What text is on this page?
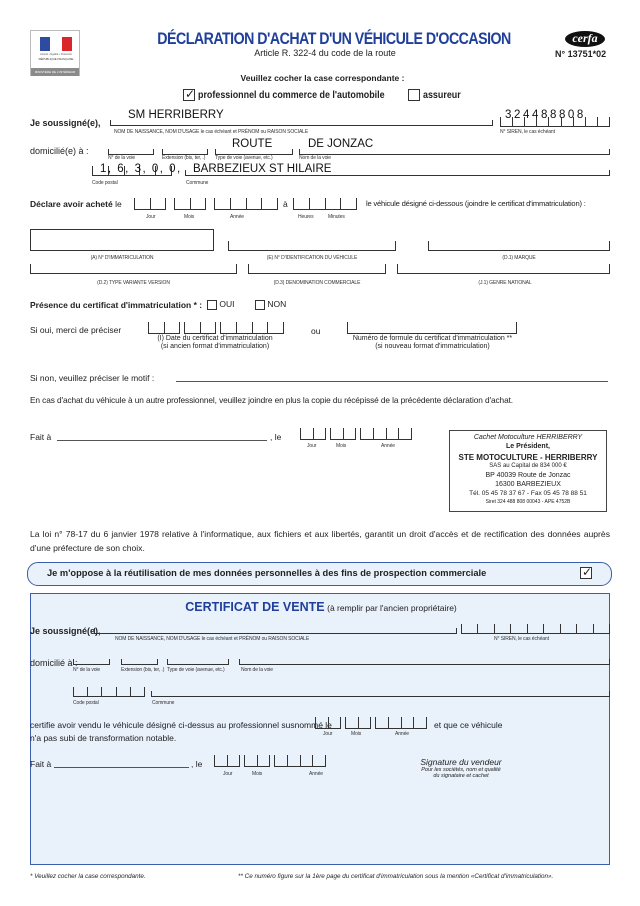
Liberté • Égalité • Fraternité
RÉPUBLIQUE FRANÇAISE
MINISTÈRE DE L'INTÉRIEUR
DÉCLARATION D'ACHAT D'UN VÉHICULE D'OCCASION
Article R. 322-4 du code de la route
cerfa
N° 13751*02
Veuillez cocher la case correspondante :
✓ professionnel du commerce de l'automobile	assureur
Je soussigné(e),
SM HERRIBERRY
NOM DE NAISSANCE, NOM D'USAGE le cas échéant et PRÉNOM ou RAISON SOCIALE
3 2 4 4 8 8 8 0 8
N° SIREN, le cas échéant
domicilié(e) à :
N° de la voie	Extension (bis, ter, .)
ROUTE
Type de voie (avenue, etc.)
DE JONZAC
Nom de la voie
1, 6, 3, 0, 0,
Code postal
BARBEZIEUX ST HILAIRE
Commune
Déclare avoir acheté le	à	le véhicule désigné ci-dessous (joindre le certificat d'immatriculation) :
Jour	Mois	Année	Heures	Minutes
(A) N° D'IMMATRICULATION	(E) N° D'IDENTIFICATION DU VÉHICULE	(D.1) MARQUE
(D.2) TYPE VARIANTE VERSION	(D.3) DENOMINATION COMMERCIALE	(J.1) GENRE NATIONAL
Présence du certificat d'immatriculation * :	OUI	NON
Si oui, merci de préciser
(I) Date du certificat d'immatriculation
(si ancien format d'immatriculation)
ou
Numéro de formule du certificat d'immatriculation **
(si nouveau format d'immatriculation)
Si non, veuillez préciser le motif :
En cas d'achat du véhicule à un autre professionnel, veuillez joindre en plus la copie du récépissé de la précédente déclaration d'achat.
Fait à	, le
Jour	Mois	Année
Cachet Motoculture HERRIBERRY
Le Président,
STE MOTOCULTURE - HERRIBERRY
SAS au Capital de 834 000 €
BP 40039 Route de Jonzac
16300 BARBEZIEUX
Tél. 05 45 78 37 67 - Fax 05 45 78 88 51
Siret 324 488 808 00043 - APE 4752B
La loi n° 78-17 du 6 janvier 1978 relative à l'informatique, aux fichiers et aux libertés, garantit un droit d'accès et de rectification des données auprès d'une préfecture de son choix.
Je m'oppose à la réutilisation de mes données personnelles à des fins de prospection commerciale	✓
CERTIFICAT DE VENTE (à remplir par l'ancien propriétaire)
Je soussigné(e),
NOM DE NAISSANCE, NOM D'USAGE le cas échéant et PRÉNOM ou RAISON SOCIALE	N° SIREN, le cas échéant
domicilié à :
N° de la voie	Extension (bis, ter, .) Type de voie (avenue, etc.)	Nom de la voie
Code postal	Commune
certifie avoir vendu le véhicule désigné ci-dessus au professionnel susnommé le
Jour	Mois	Année
et que ce véhicule
n'a pas subi de transformation notable.
Fait à	, le
Jour	Mois	Année
Signature du vendeur
Pour les sociétés, nom et qualité
du signataire et cachet
* Veuillez cocher la case correspondante.	** Ce numéro figure sur la 1ère page du certificat d'immatriculation sous la mention «Certificat d'immatriculation».
